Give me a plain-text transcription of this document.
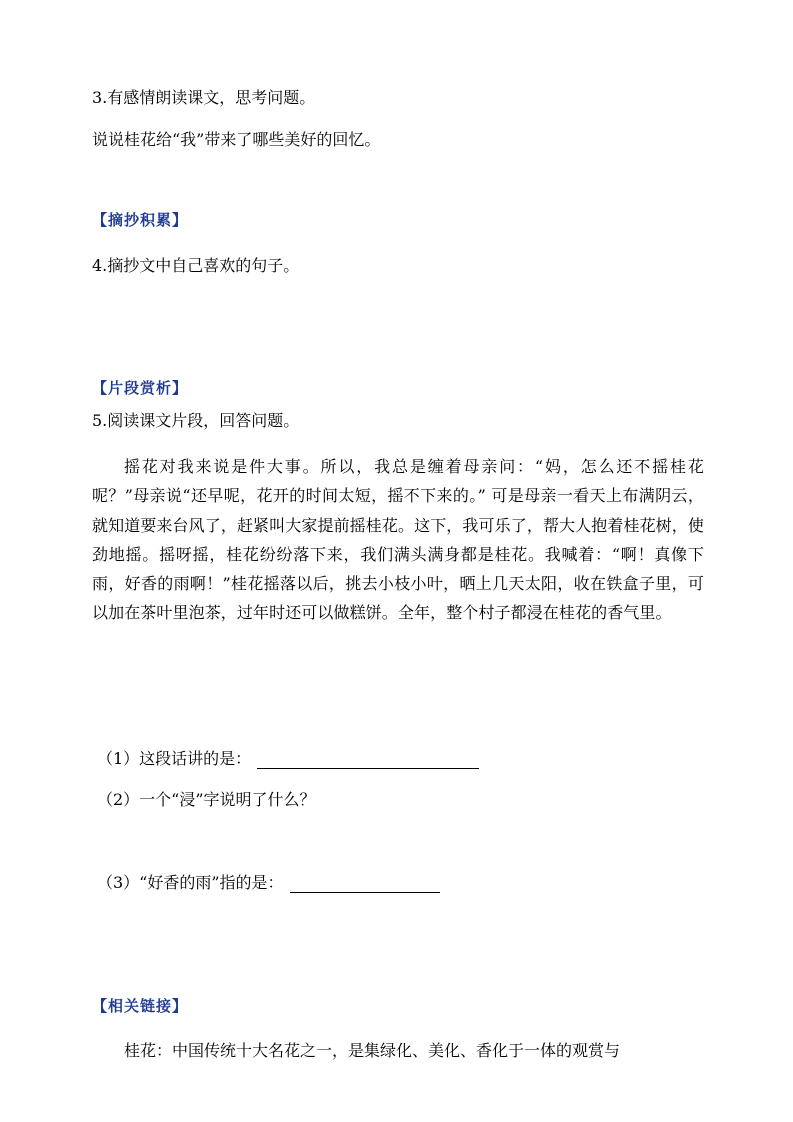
3.有感情朗读课文，思考问题。
说说桂花给“我”带来了哪些美好的回忆。
【摘抄积累】
4.摘抄文中自己喜欢的句子。
【片段赏析】
5.阅读课文片段，回答问题。
摇花对我来说是件大事。所以，我总是缠着母亲问：“妈，怎么还不摇桂花呢？”母亲说“还早呢，花开的时间太短，摇不下来的。” 可是母亲一看天上布满阴云，就知道要来台风了，赶紧叫大家提前摇桂花。这下，我可乐了，帮大人抱着桂花树，使劲地摇。摇呀摇，桂花纷纷落下来，我们满头满身都是桂花。我喊着：“啊！真像下雨，好香的雨啊！”桂花摇落以后，挑去小枝小叶，晒上几天太阳，收在铁盒子里，可以加在茶叶里泡茶，过年时还可以做糕饼。全年，整个村子都浸在桂花的香气里。
（1）这段话讲的是：
（2）一个“浸”字说明了什么？
（3）“好香的雨”指的是：
【相关链接】
桂花：中国传统十大名花之一，是集绿化、美化、香化于一体的观赏与
